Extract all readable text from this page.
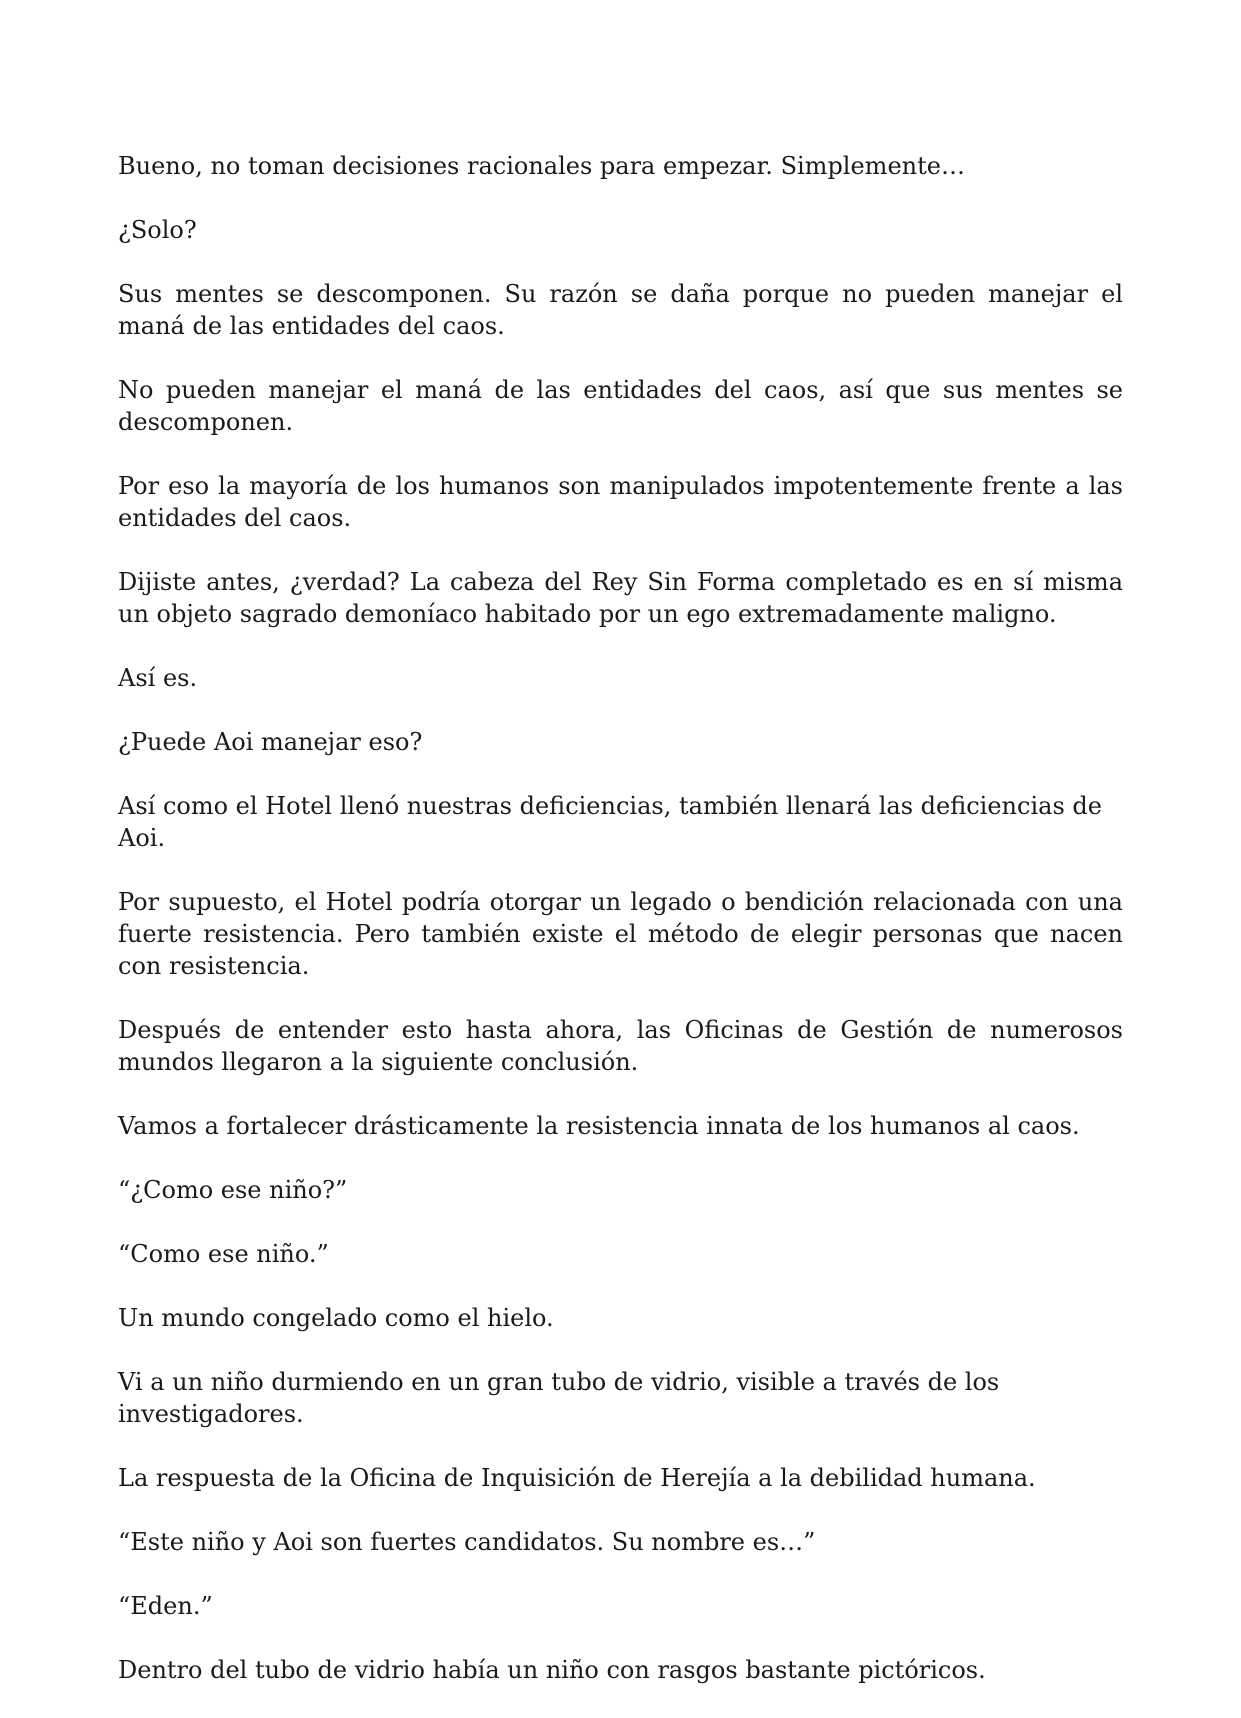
Bueno, no toman decisiones racionales para empezar. Simplemente…

¿Solo?

Sus mentes se descomponen. Su razón se daña porque no pueden manejar el maná de las entidades del caos.

No pueden manejar el maná de las entidades del caos, así que sus mentes se descomponen.

Por eso la mayoría de los humanos son manipulados impotentemente frente a las entidades del caos.

Dijiste antes, ¿verdad? La cabeza del Rey Sin Forma completado es en sí misma un objeto sagrado demoníaco habitado por un ego extremadamente maligno.

Así es.

¿Puede Aoi manejar eso?

Así como el Hotel llenó nuestras deficiencias, también llenará las deficiencias de Aoi.

Por supuesto, el Hotel podría otorgar un legado o bendición relacionada con una fuerte resistencia. Pero también existe el método de elegir personas que nacen con resistencia.

Después de entender esto hasta ahora, las Oficinas de Gestión de numerosos mundos llegaron a la siguiente conclusión.

Vamos a fortalecer drásticamente la resistencia innata de los humanos al caos.

“¿Como ese niño?”

“Como ese niño.”

Un mundo congelado como el hielo.

Vi a un niño durmiendo en un gran tubo de vidrio, visible a través de los investigadores.

La respuesta de la Oficina de Inquisición de Herejía a la debilidad humana.

“Este niño y Aoi son fuertes candidatos. Su nombre es…”

“Eden.”

Dentro del tubo de vidrio había un niño con rasgos bastante pictóricos.
